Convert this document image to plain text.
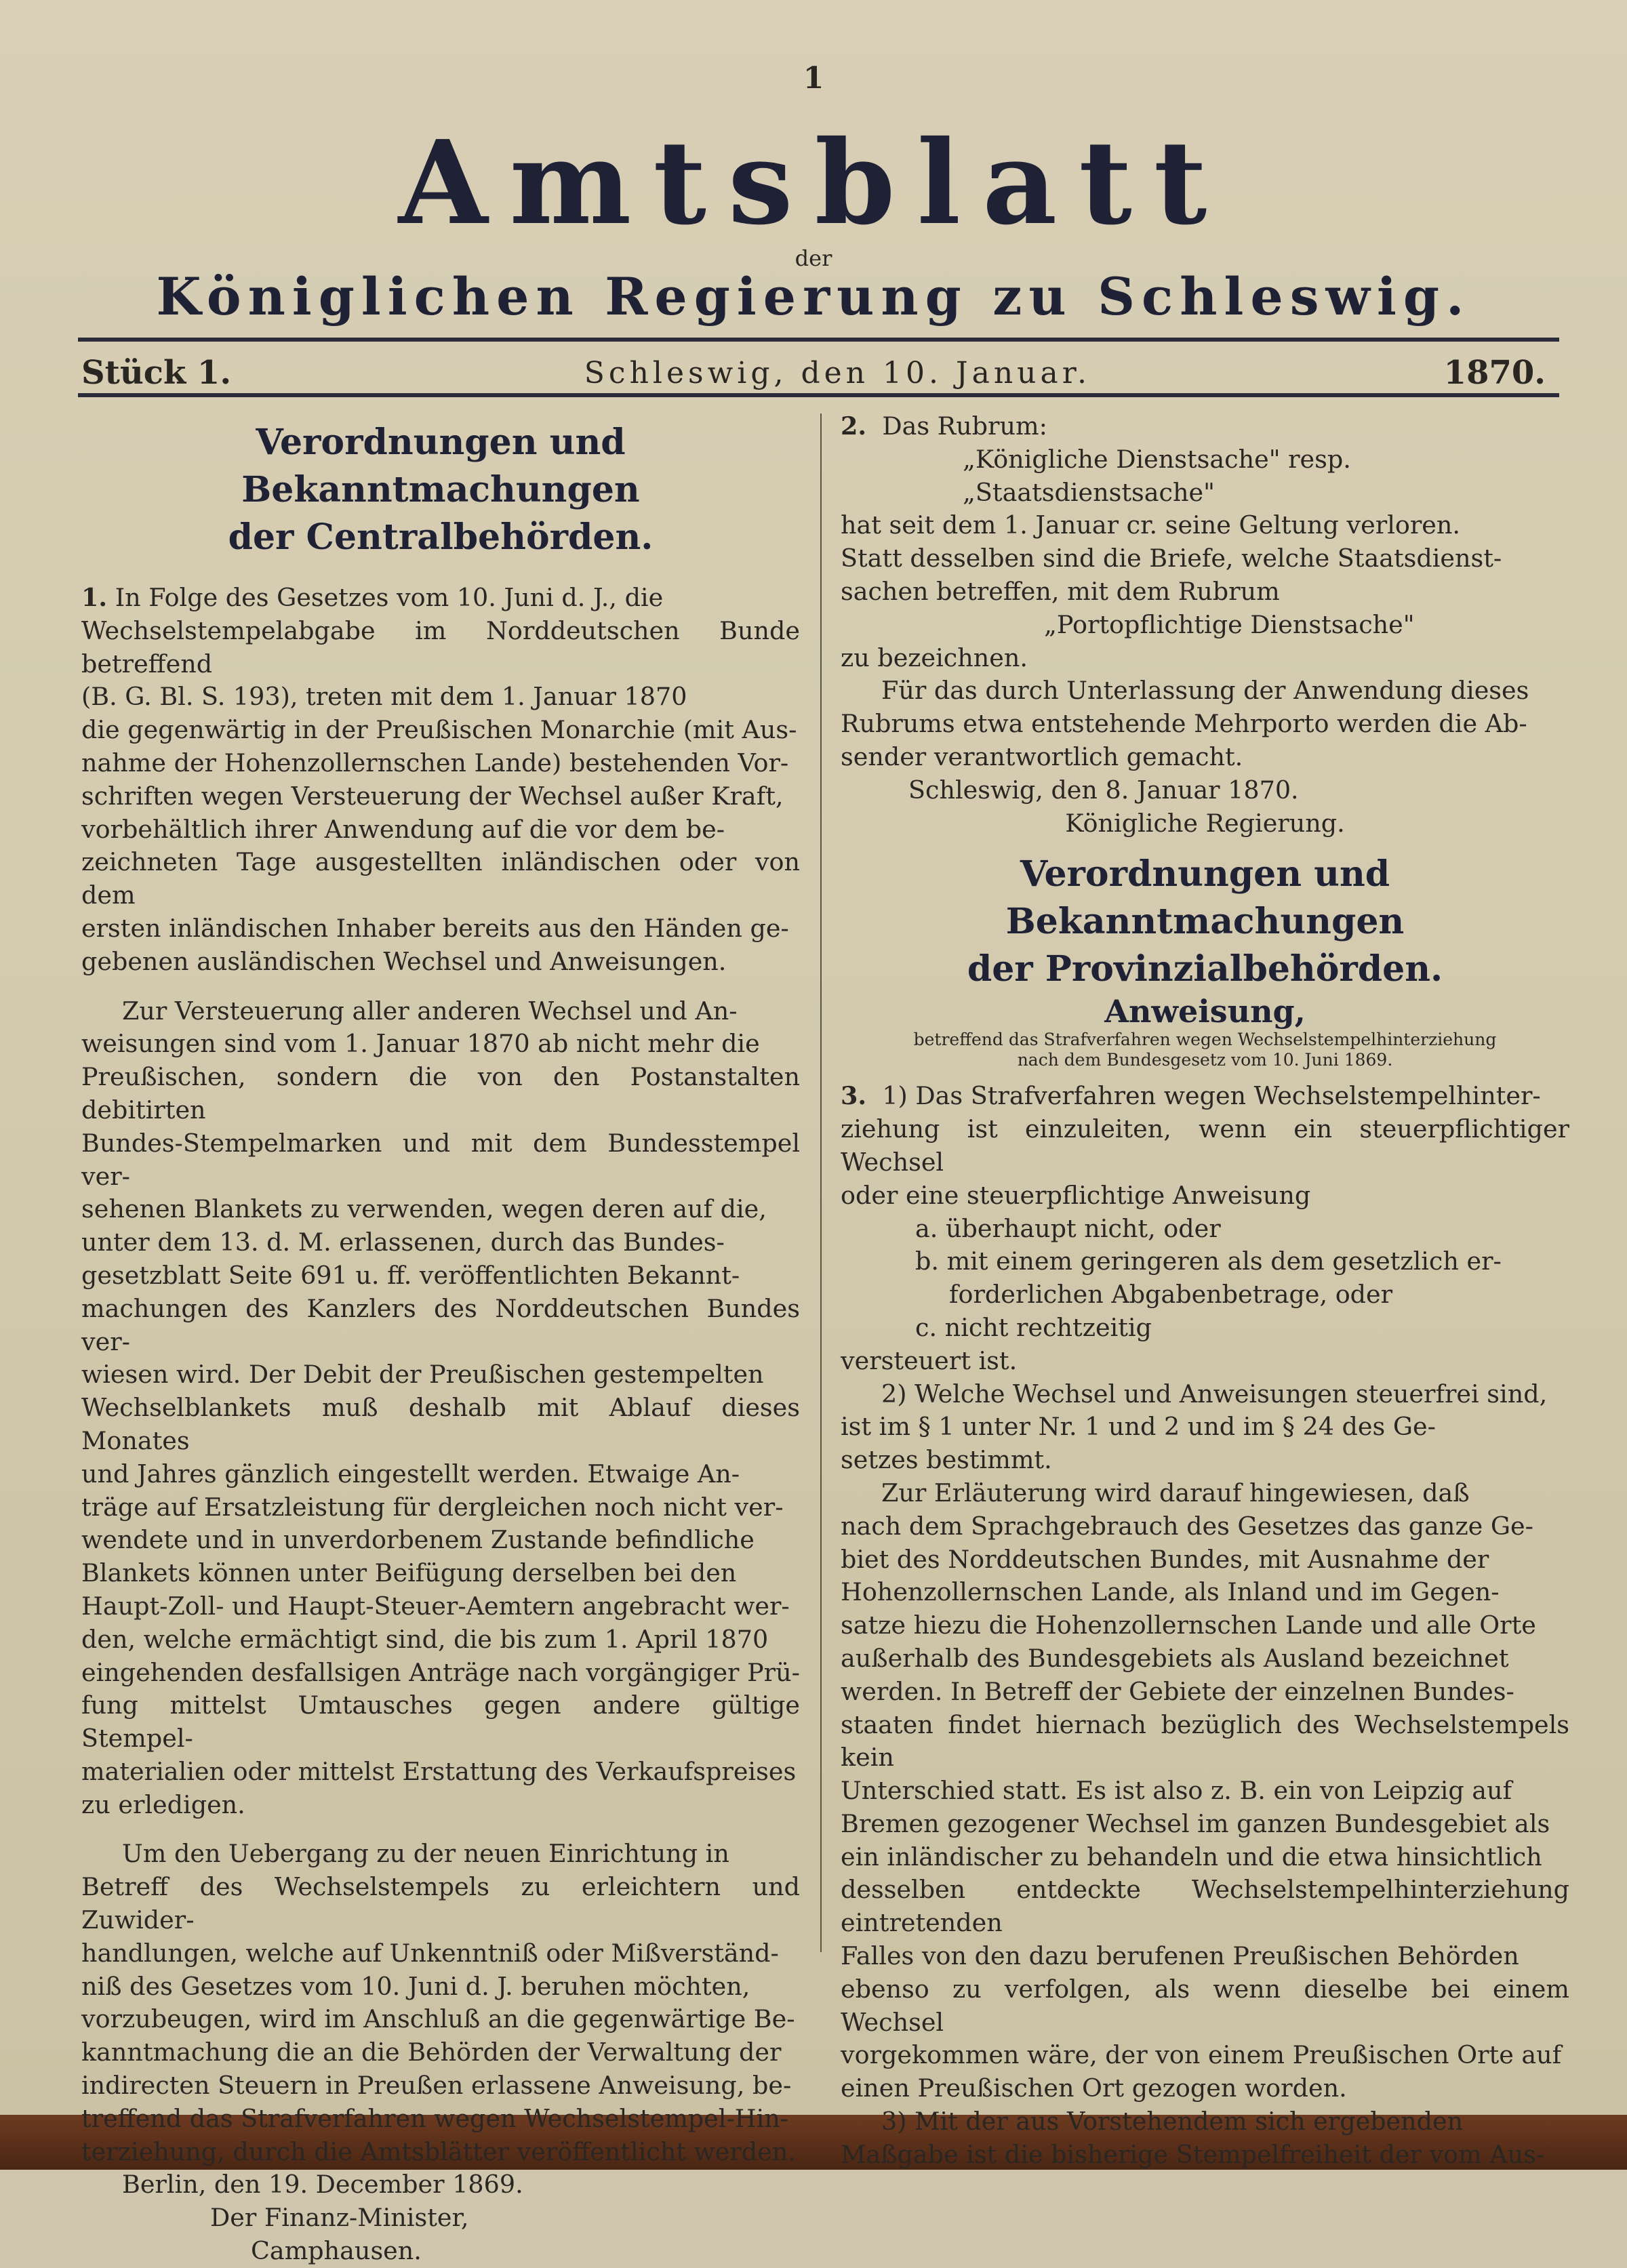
1
Amtsblatt
der
Königlichen Regierung zu Schleswig.
Stück 1.	Schleswig, den 10. Januar.	1870.
Verordnungen und Bekanntmachungen
der Centralbehörden.

1. In Folge des Gesetzes vom 10. Juni d. J., die

Wechselstempelabgabe im Norddeutschen Bunde betreffend

(B. G. Bl. S. 193), treten mit dem 1. Januar 1870

die gegenwärtig in der Preußischen Monarchie (mit Aus-

nahme der Hohenzollernschen Lande) bestehenden Vor-

schriften wegen Versteuerung der Wechsel außer Kraft,

vorbehältlich ihrer Anwendung auf die vor dem be-

zeichneten Tage ausgestellten inländischen oder von dem

ersten inländischen Inhaber bereits aus den Händen ge-

gebenen ausländischen Wechsel und Anweisungen.

Zur Versteuerung aller anderen Wechsel und An-

weisungen sind vom 1. Januar 1870 ab nicht mehr die

Preußischen, sondern die von den Postanstalten debitirten

Bundes-Stempelmarken und mit dem Bundesstempel ver-

sehenen Blankets zu verwenden, wegen deren auf die,

unter dem 13. d. M. erlassenen, durch das Bundes-

gesetzblatt Seite 691 u. ff. veröffentlichten Bekannt-

machungen des Kanzlers des Norddeutschen Bundes ver-

wiesen wird. Der Debit der Preußischen gestempelten

Wechselblankets muß deshalb mit Ablauf dieses Monates

und Jahres gänzlich eingestellt werden. Etwaige An-

träge auf Ersatzleistung für dergleichen noch nicht ver-

wendete und in unverdorbenem Zustande befindliche

Blankets können unter Beifügung derselben bei den

Haupt-Zoll- und Haupt-Steuer-Aemtern angebracht wer-

den, welche ermächtigt sind, die bis zum 1. April 1870

eingehenden desfallsigen Anträge nach vorgängiger Prü-

fung mittelst Umtausches gegen andere gültige Stempel-

materialien oder mittelst Erstattung des Verkaufspreises

zu erledigen.

Um den Uebergang zu der neuen Einrichtung in

Betreff des Wechselstempels zu erleichtern und Zuwider-

handlungen, welche auf Unkenntniß oder Mißverständ-

niß des Gesetzes vom 10. Juni d. J. beruhen möchten,

vorzubeugen, wird im Anschluß an die gegenwärtige Be-

kanntmachung die an die Behörden der Verwaltung der

indirecten Steuern in Preußen erlassene Anweisung, be-

treffend das Strafverfahren wegen Wechselstempel-Hin-

terziehung, durch die Amtsblätter veröffentlicht werden.

Berlin, den 19. December 1869.

Der Finanz-Minister,

Camphausen.

2. Das Rubrum:

„Königliche Dienstsache" resp.

„Staatsdienstsache"

hat seit dem 1. Januar cr. seine Geltung verloren.

Statt desselben sind die Briefe, welche Staatsdienst-

sachen betreffen, mit dem Rubrum

„Portopflichtige Dienstsache"

zu bezeichnen.

Für das durch Unterlassung der Anwendung dieses

Rubrums etwa entstehende Mehrporto werden die Ab-

sender verantwortlich gemacht.

Schleswig, den 8. Januar 1870.

Königliche Regierung.

Verordnungen und Bekanntmachungen
der Provinzialbehörden.
Anweisung,
betreffend das Strafverfahren wegen Wechselstempelhinterziehung
nach dem Bundesgesetz vom 10. Juni 1869.

3. 1) Das Strafverfahren wegen Wechselstempelhinter-

ziehung ist einzuleiten, wenn ein steuerpflichtiger Wechsel

oder eine steuerpflichtige Anweisung

a. überhaupt nicht, oder

b. mit einem geringeren als dem gesetzlich er-

forderlichen Abgabenbetrage, oder

c. nicht rechtzeitig

versteuert ist.

2) Welche Wechsel und Anweisungen steuerfrei sind,

ist im § 1 unter Nr. 1 und 2 und im § 24 des Ge-

setzes bestimmt.

Zur Erläuterung wird darauf hingewiesen, daß

nach dem Sprachgebrauch des Gesetzes das ganze Ge-

biet des Norddeutschen Bundes, mit Ausnahme der

Hohenzollernschen Lande, als Inland und im Gegen-

satze hiezu die Hohenzollernschen Lande und alle Orte

außerhalb des Bundesgebiets als Ausland bezeichnet

werden. In Betreff der Gebiete der einzelnen Bundes-

staaten findet hiernach bezüglich des Wechselstempels kein

Unterschied statt. Es ist also z. B. ein von Leipzig auf

Bremen gezogener Wechsel im ganzen Bundesgebiet als

ein inländischer zu behandeln und die etwa hinsichtlich

desselben entdeckte Wechselstempelhinterziehung eintretenden

Falles von den dazu berufenen Preußischen Behörden

ebenso zu verfolgen, als wenn dieselbe bei einem Wechsel

vorgekommen wäre, der von einem Preußischen Orte auf

einen Preußischen Ort gezogen worden.

3) Mit der aus Vorstehendem sich ergebenden

Maßgabe ist die bisherige Stempelfreiheit der vom Aus-
